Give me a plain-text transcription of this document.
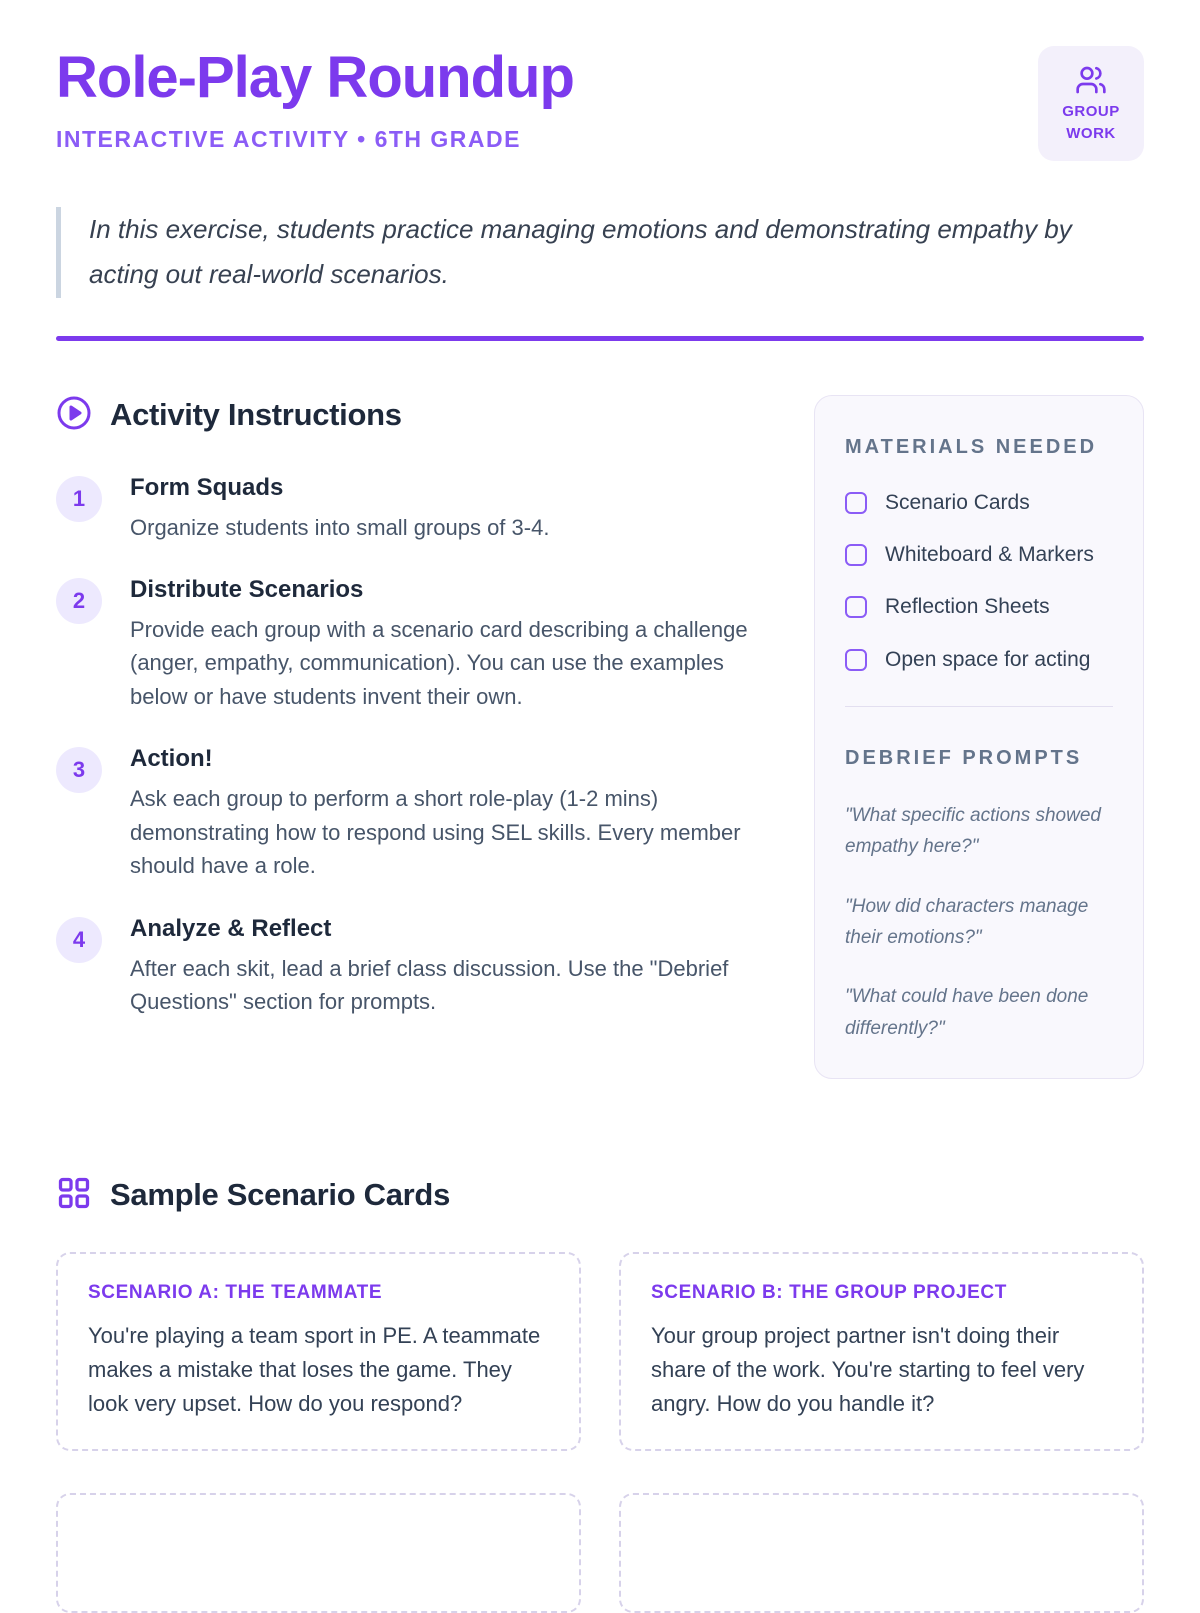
Role-Play Roundup
INTERACTIVE ACTIVITY • 6TH GRADE
GROUP
WORK

In this exercise, students practice managing emotions and demonstrating empathy by acting out real-world scenarios.

Activity Instructions
1	Form Squads

Organize students into small groups of 3-4.

2	Distribute Scenarios

Provide each group with a scenario card describing a challenge (anger, empathy, communication). You can use the examples below or have students invent their own.

3	Action!

Ask each group to perform a short role-play (1-2 mins) demonstrating how to respond using SEL skills. Every member should have a role.

4	Analyze & Reflect

After each skit, lead a brief class discussion. Use the "Debrief Questions" section for prompts.

MATERIALS NEEDED
Scenario Cards
Whiteboard & Markers
Reflection Sheets
Open space for acting
DEBRIEF PROMPTS

"What specific actions showed empathy here?"

"How did characters manage their emotions?"

"What could have been done differently?"

Sample Scenario Cards
SCENARIO A: THE TEAMMATE

You're playing a team sport in PE. A teammate makes a mistake that loses the game. They look very upset. How do you respond?

SCENARIO B: THE GROUP PROJECT

Your group project partner isn't doing their share of the work. You're starting to feel very angry. How do you handle it?
